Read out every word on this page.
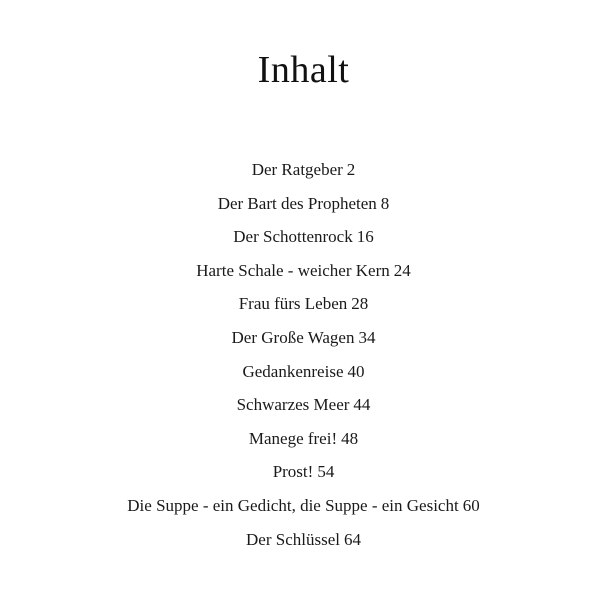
Inhalt
Der Ratgeber 2
Der Bart des Propheten 8
Der Schottenrock 16
Harte Schale - weicher Kern 24
Frau fürs Leben 28
Der Große Wagen 34
Gedankenreise 40
Schwarzes Meer 44
Manege frei! 48
Prost! 54
Die Suppe - ein Gedicht, die Suppe - ein Gesicht 60
Der Schlüssel 64
